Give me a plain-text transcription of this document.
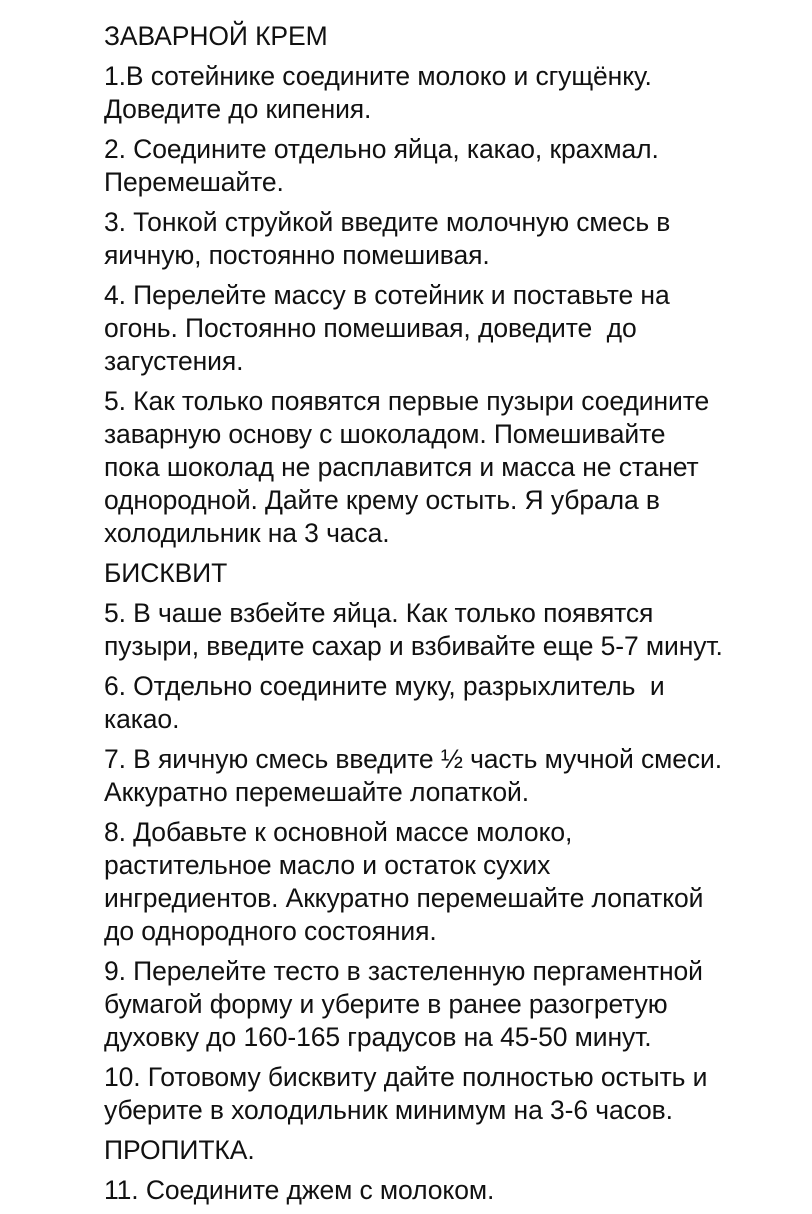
ЗАВАРНОЙ КРЕМ
1.В сотейнике соедините молоко и сгущёнку.
Доведите до кипения.
2. Соедините отдельно яйца, какао, крахмал.
Перемешайте.
3. Тонкой струйкой введите молочную смесь в
яичную, постоянно помешивая.
4. Перелейте массу в сотейник и поставьте на
огонь. Постоянно помешивая, доведите  до
загустения.
5. Как только появятся первые пузыри соедините
заварную основу с шоколадом. Помешивайте
пока шоколад не расплавится и масса не станет
однородной. Дайте крему остыть. Я убрала в
холодильник на 3 часа.
БИСКВИТ
5. В чаше взбейте яйца. Как только появятся
пузыри, введите сахар и взбивайте еще 5-7 минут.
6. Отдельно соедините муку, разрыхлитель  и
какао.
7. В яичную смесь введите ½ часть мучной смеси.
Аккуратно перемешайте лопаткой.
8. Добавьте к основной массе молоко,
растительное масло и остаток сухих
ингредиентов. Аккуратно перемешайте лопаткой
до однородного состояния.
9. Перелейте тесто в застеленную пергаментной
бумагой форму и уберите в ранее разогретую
духовку до 160-165 градусов на 45-50 минут.
10. Готовому бисквиту дайте полностью остыть и
уберите в холодильник минимум на 3-6 часов.
ПРОПИТКА.
11. Соедините джем с молоком.
